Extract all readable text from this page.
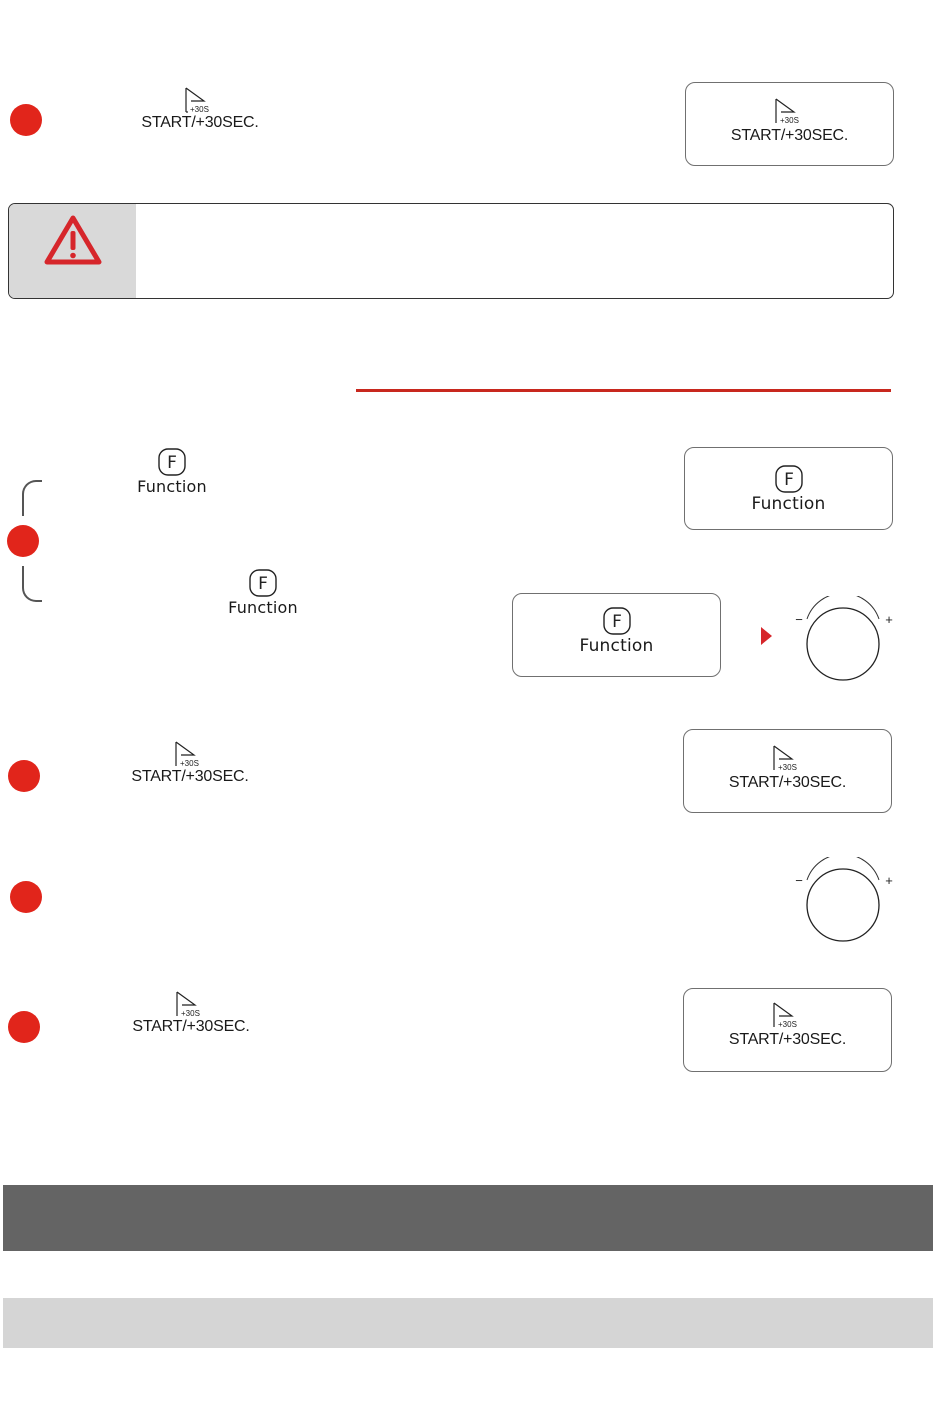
+30S
START/+30SEC.	+30S
START/+30SEC.
F
Function	F
Function
F
Function
F
Function
−	+
+30S
START/+30SEC.
+30S
START/+30SEC.
−	+
+30S
START/+30SEC.	+30S
START/+30SEC.
